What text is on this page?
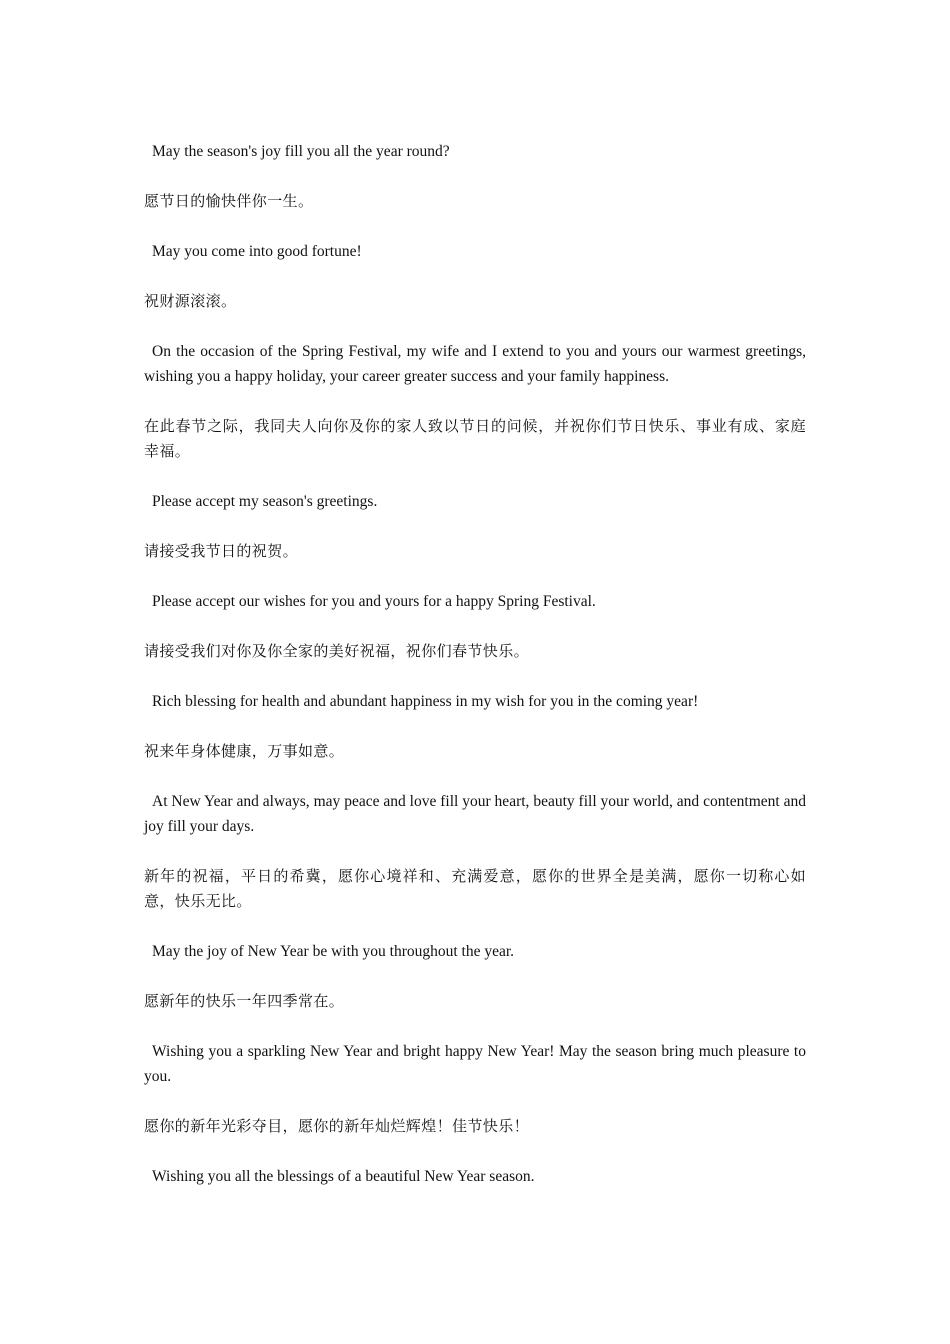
May the season's joy fill you all the year round?

愿节日的愉快伴你一生。

May you come into good fortune!

祝财源滚滚。

On the occasion of the Spring Festival, my wife and I extend to you and yours our warmest greetings, wishing you a happy holiday, your career greater success and your family happiness.

在此春节之际，我同夫人向你及你的家人致以节日的问候，并祝你们节日快乐、事业有成、家庭幸福。

Please accept my season's greetings.

请接受我节日的祝贺。

Please accept our wishes for you and yours for a happy Spring Festival.

请接受我们对你及你全家的美好祝福，祝你们春节快乐。

Rich blessing for health and abundant happiness in my wish for you in the coming year!

祝来年身体健康，万事如意。

At New Year and always, may peace and love fill your heart, beauty fill your world, and contentment and joy fill your days.

新年的祝福，平日的希冀，愿你心境祥和、充满爱意，愿你的世界全是美满，愿你一切称心如意，快乐无比。

May the joy of New Year be with you throughout the year.

愿新年的快乐一年四季常在。

Wishing you a sparkling New Year and bright happy New Year! May the season bring much pleasure to you.

愿你的新年光彩夺目，愿你的新年灿烂辉煌！佳节快乐！

Wishing you all the blessings of a beautiful New Year season.
